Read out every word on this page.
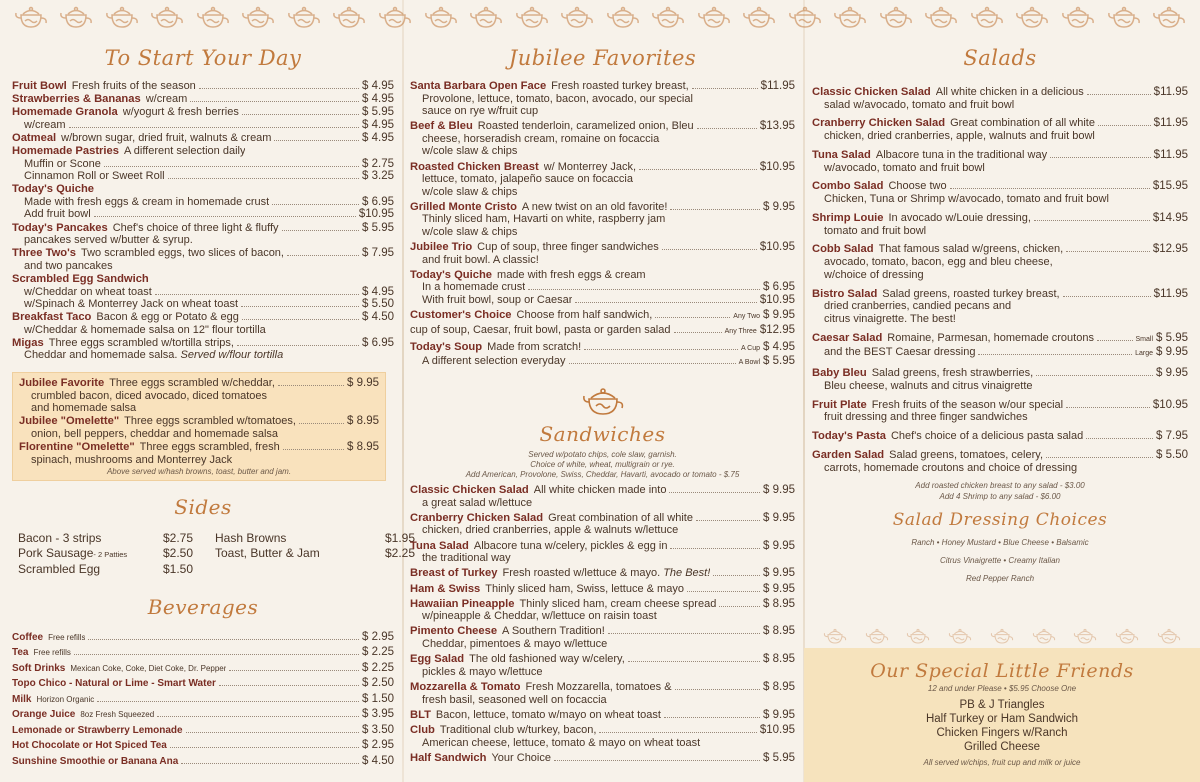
To Start Your Day
Fruit Bowl Fresh fruits of the season	$ 4.95
Strawberries & Bananas w/cream	$ 4.95
Homemade Granola w/yogurt & fresh berries	$ 5.95
w/cream	$ 4.95
Oatmeal w/brown sugar, dried fruit, walnuts & cream	$ 4.95
Homemade Pastries A different selection daily
Muffin or Scone	$ 2.75
Cinnamon Roll or Sweet Roll	$ 3.25
Today's Quiche
Made with fresh eggs & cream in homemade crust	$ 6.95
Add fruit bowl	$10.95
Today's Pancakes Chef's choice of three light & fluffy	$ 5.95
pancakes served w/butter & syrup.
Three Two's Two scrambled eggs, two slices of bacon,	$ 7.95
and two pancakes
Scrambled Egg Sandwich
w/Cheddar on wheat toast	$ 4.95
w/Spinach & Monterrey Jack on wheat toast	$ 5.50
Breakfast Taco Bacon & egg or Potato & egg	$ 4.50
w/Cheddar & homemade salsa on 12" flour tortilla
Migas Three eggs scrambled w/tortilla strips,	$ 6.95
Cheddar and homemade salsa. Served w/flour tortilla
Jubilee Favorite Three eggs scrambled w/cheddar,	$ 9.95
crumbled bacon, diced avocado, diced tomatoes
and homemade salsa
Jubilee "Omelette" Three eggs scrambled w/tomatoes,	$ 8.95
onion, bell peppers, cheddar and homemade salsa
Florentine "Omelette" Three eggs scrambled, fresh	$ 8.95
spinach, mushrooms and Monterrey Jack
Above served w/hash browns, toast, butter and jam.
Sides
Bacon - 3 strips	$2.75 Hash Browns	$1.95
Pork Sausage - 2 Patties	$2.50 Toast, Butter & Jam	$2.25
Scrambled Egg	$1.50
Beverages
Coffee Free refills	$ 2.95
Tea Free refills	$ 2.25
Soft Drinks Mexican Coke, Coke, Diet Coke, Dr. Pepper	$ 2.25
Topo Chico - Natural or Lime - Smart Water	$ 2.50
Milk Horizon Organic	$ 1.50
Orange Juice 8oz Fresh Squeezed	$ 3.95
Lemonade or Strawberry Lemonade	$ 3.50
Hot Chocolate or Hot Spiced Tea	$ 2.95
Sunshine Smoothie or Banana Ana	$ 4.50
Jubilee Favorites
Santa Barbara Open Face Fresh roasted turkey breast,	$11.95
Provolone, lettuce, tomato, bacon, avocado, our special
sauce on rye w/fruit cup
Beef & Bleu Roasted tenderloin, caramelized onion, Bleu	$13.95
cheese, horseradish cream, romaine on focaccia
w/cole slaw & chips
Roasted Chicken Breast w/ Monterrey Jack,	$10.95
lettuce, tomato, jalapeño sauce on focaccia
w/cole slaw & chips
Grilled Monte Cristo A new twist on an old favorite!	$ 9.95
Thinly sliced ham, Havarti on white, raspberry jam
w/cole slaw & chips
Jubilee Trio Cup of soup, three finger sandwiches	$10.95
and fruit bowl. A classic!
Today's Quiche made with fresh eggs & cream
In a homemade crust	$ 6.95
With fruit bowl, soup or Caesar	$10.95
Customer's Choice Choose from half sandwich,	Any Two $ 9.95
cup of soup, Caesar, fruit bowl, pasta or garden salad	Any Three $12.95
Today's Soup Made from scratch!	A Cup $ 4.95
A different selection everyday	A Bowl $ 5.95
Sandwiches
Served w/potato chips, cole slaw, garnish.
Choice of white, wheat, multigrain or rye.
Add American, Provolone, Swiss, Cheddar, Havarti, avocado or tomato - $.75
Classic Chicken Salad All white chicken made into	$ 9.95
a great salad w/lettuce
Cranberry Chicken Salad Great combination of all white	$ 9.95
chicken, dried cranberries, apple & walnuts w/lettuce
Tuna Salad Albacore tuna w/celery, pickles & egg in	$ 9.95
the traditional way
Breast of Turkey Fresh roasted w/lettuce & mayo. The Best!	$ 9.95
Ham & Swiss Thinly sliced ham, Swiss, lettuce & mayo	$ 9.95
Hawaiian Pineapple Thinly sliced ham, cream cheese spread	$ 8.95
w/pineapple & Cheddar, w/lettuce on raisin toast
Pimento Cheese A Southern Tradition!	$ 8.95
Cheddar, pimentoes & mayo w/lettuce
Egg Salad The old fashioned way w/celery,	$ 8.95
pickles & mayo w/lettuce
Mozzarella & Tomato Fresh Mozzarella, tomatoes &	$ 8.95
fresh basil, seasoned well on focaccia
BLT Bacon, lettuce, tomato w/mayo on wheat toast	$ 9.95
Club Traditional club w/turkey, bacon,	$10.95
American cheese, lettuce, tomato & mayo on wheat toast
Half Sandwich Your Choice	$ 5.95
Salads
Classic Chicken Salad All white chicken in a delicious	$11.95
salad w/avocado, tomato and fruit bowl
Cranberry Chicken Salad Great combination of all white	$11.95
chicken, dried cranberries, apple, walnuts and fruit bowl
Tuna Salad Albacore tuna in the traditional way	$11.95
w/avocado, tomato and fruit bowl
Combo Salad Choose two	$15.95
Chicken, Tuna or Shrimp w/avocado, tomato and fruit bowl
Shrimp Louie In avocado w/Louie dressing,	$14.95
tomato and fruit bowl
Cobb Salad That famous salad w/greens, chicken,	$12.95
avocado, tomato, bacon, egg and bleu cheese,
w/choice of dressing
Bistro Salad Salad greens, roasted turkey breast,	$11.95
dried cranberries, candied pecans and
citrus vinaigrette. The best!
Caesar Salad Romaine, Parmesan, homemade croutons	Small $ 5.95
and the BEST Caesar dressing	Large $ 9.95
Baby Bleu Salad greens, fresh strawberries,	$ 9.95
Bleu cheese, walnuts and citrus vinaigrette
Fruit Plate Fresh fruits of the season w/our special	$10.95
fruit dressing and three finger sandwiches
Today's Pasta Chef's choice of a delicious pasta salad	$ 7.95
Garden Salad Salad greens, tomatoes, celery,	$ 5.50
carrots, homemade croutons and choice of dressing
Add roasted chicken breast to any salad - $3.00
Add 4 Shrimp to any salad - $6.00
Salad Dressing Choices
Ranch • Honey Mustard • Blue Cheese • Balsamic
Citrus Vinaigrette • Creamy Italian
Red Pepper Ranch
Our Special Little Friends
12 and under Please • $5.95 Choose One
PB & J Triangles
Half Turkey or Ham Sandwich
Chicken Fingers w/Ranch
Grilled Cheese
All served w/chips, fruit cup and milk or juice
